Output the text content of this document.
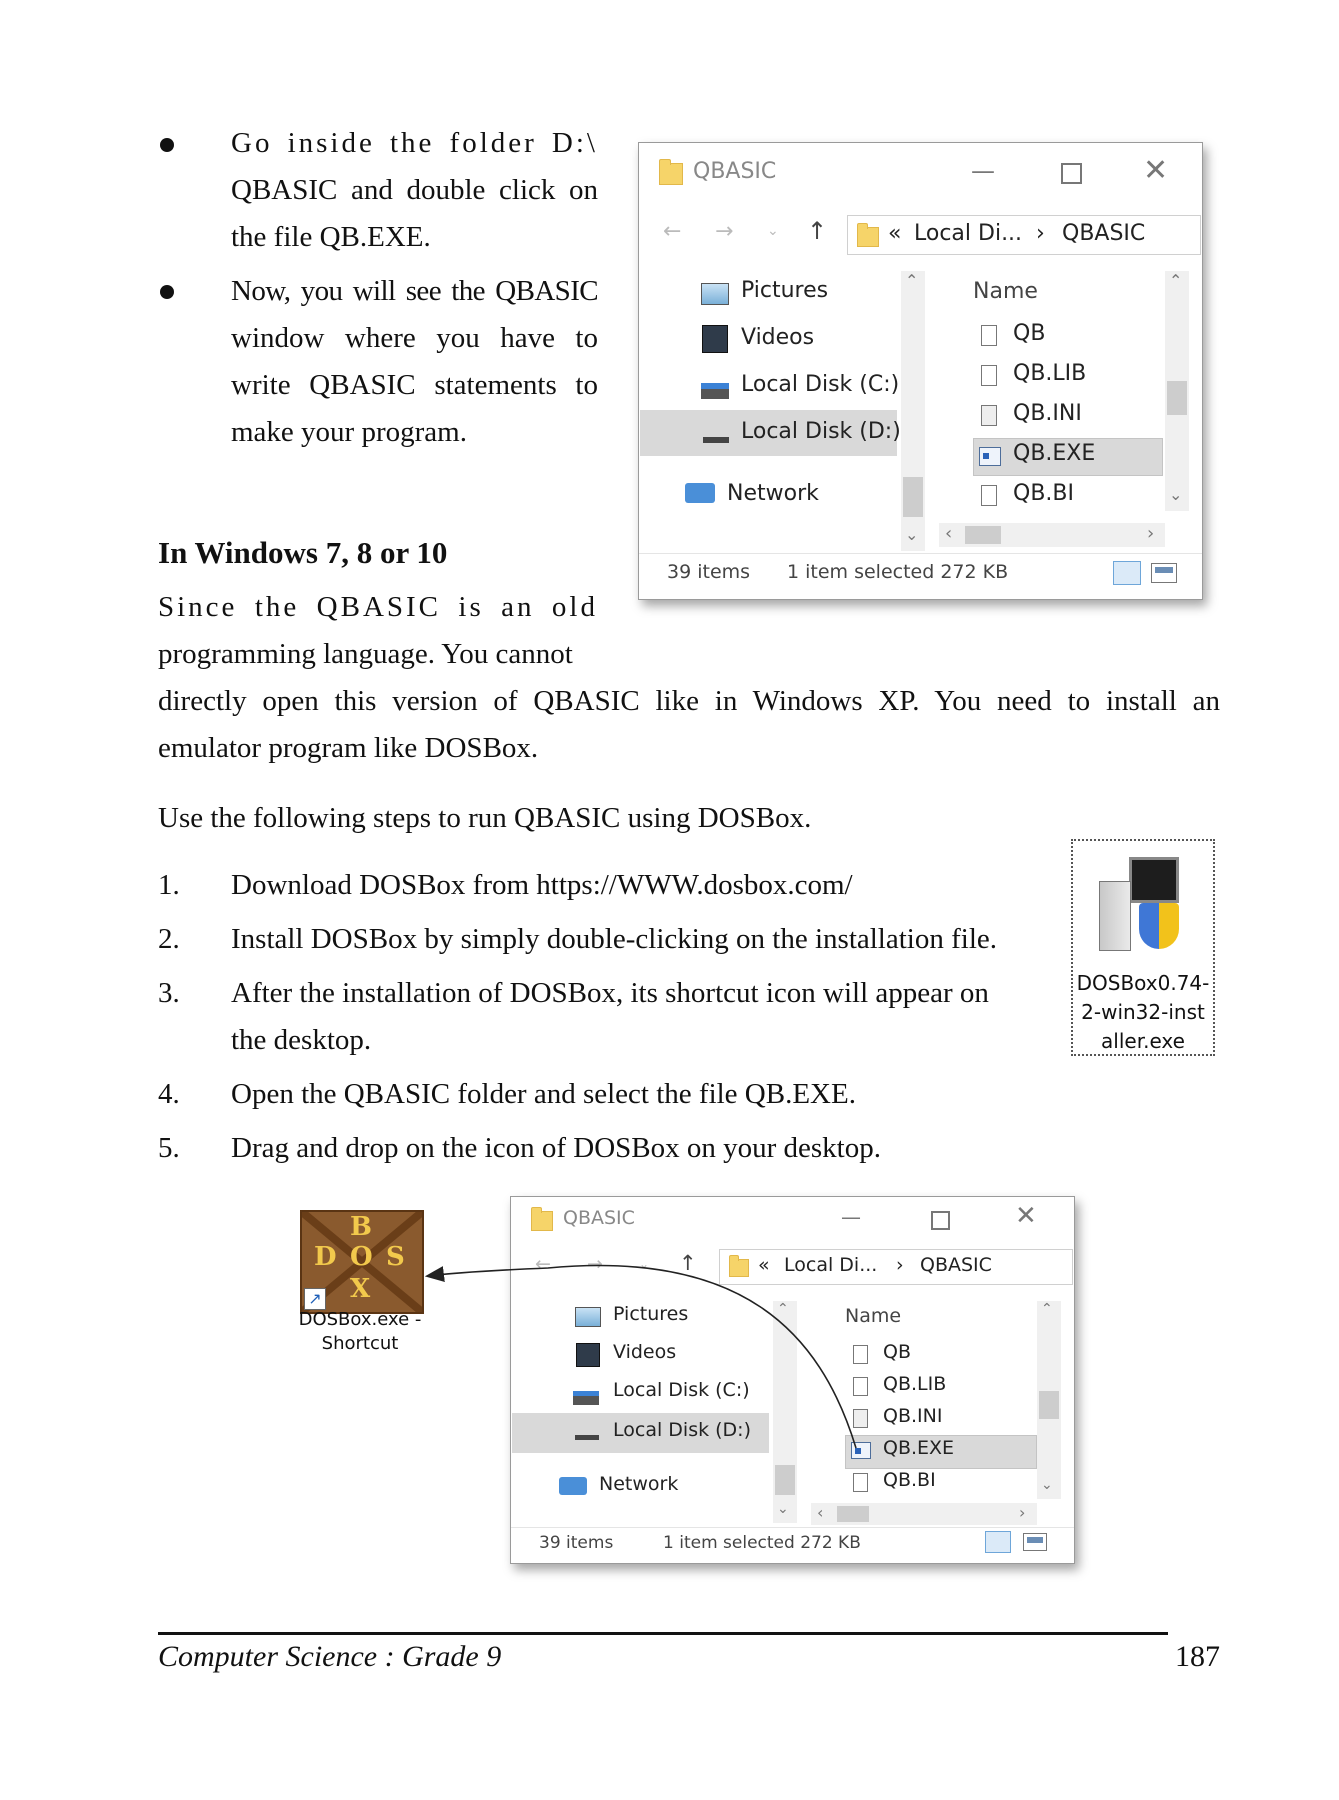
Go inside the folder D:\

QBASIC and double click on

the file QB.EXE.

Now, you will see the QBASIC

window where you have to

write QBASIC statements to

make your program.

In Windows 7, 8 or 10

Since the QBASIC is an old

programming language. You cannot

directly open this version of QBASIC like in Windows XP. You need to install an

emulator program like DOSBox.

Use the following steps to run QBASIC using DOSBox.

1. Download DOSBox from https://WWW.dosbox.com/

2. Install DOSBox by simply double-clicking on the installation file.

3. After the installation of DOSBox, its shortcut icon will appear on

the desktop.

4. Open the QBASIC folder and select the file QB.EXE.

5. Drag and drop on the icon of DOSBox on your desktop.

QBASIC	—	✕
← → ⌄ ↑	« Local Di... › QBASIC
Pictures
Videos
Local Disk (C:)
Local Disk (D:)
Network
⌃
⌄
Name
QB
QB.LIB
QB.INI
QB.EXE
QB.BI
⌃
⌄
‹	›
39 items 1 item selected 272 KB
DOSBox0.74-
2-win32-inst
aller.exe
B
D O S
X
↗
DOSBox.exe -
Shortcut
QBASIC	—	✕
← →	⌄ ↑	« Local Di... › QBASIC
Pictures
Videos
Local Disk (C:)
Local Disk (D:)
Network
⌃
⌄
Name
QB
QB.LIB
QB.INI
QB.EXE
QB.BI
⌃
⌄
‹	›
39 items	1 item selected 272 KB
Computer Science : Grade 9	187
